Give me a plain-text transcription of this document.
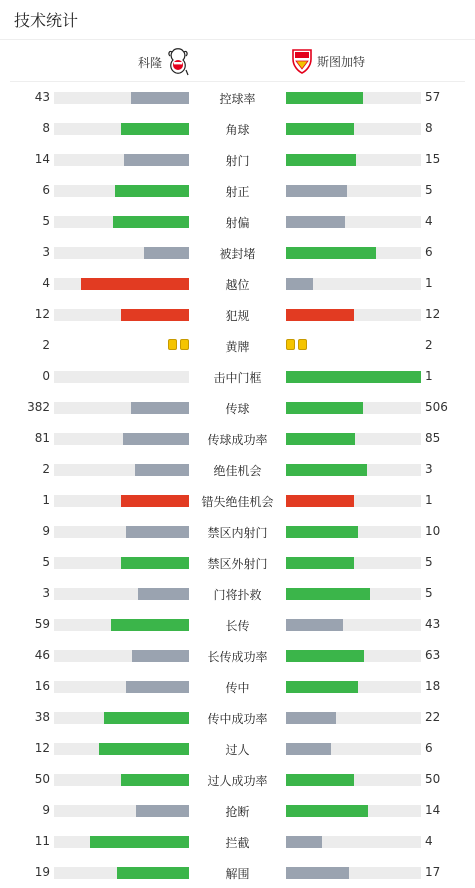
技术统计
科隆	斯图加特
43	控球率	57
8	角球	8
14	射门	15
6	射正	5
5	射偏	4
3	被封堵	6
4	越位	1
12	犯规	12
2	黄牌	2
0	击中门框	1
382	传球	506
81	传球成功率	85
2	绝佳机会	3
1	错失绝佳机会	1
9	禁区内射门	10
5	禁区外射门	5
3	门将扑救	5
59	长传	43
46	长传成功率	63
16	传中	18
38	传中成功率	22
12	过人	6
50	过人成功率	50
9	抢断	14
11	拦截	4
19	解围	17
